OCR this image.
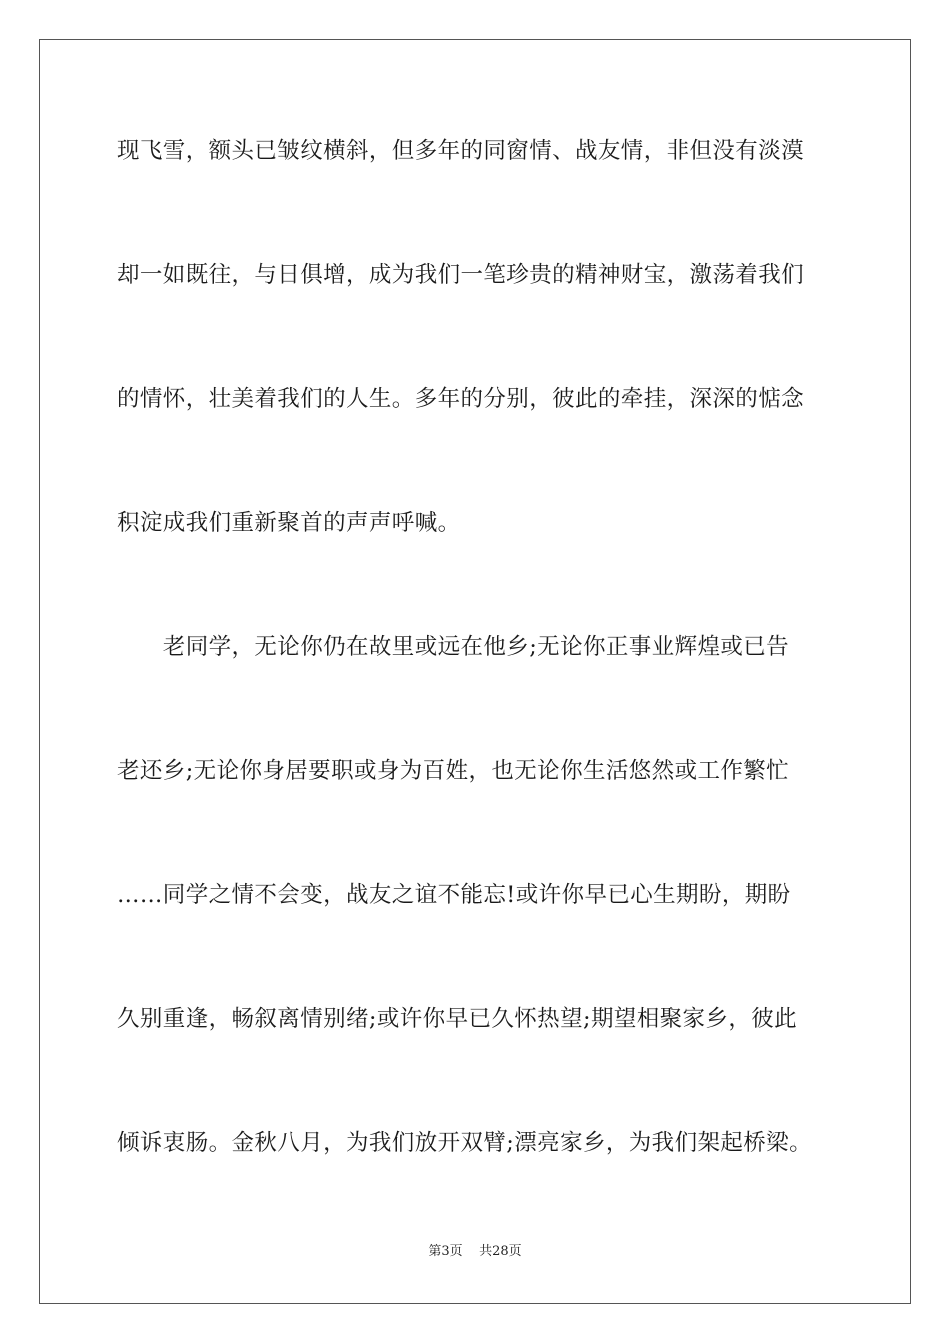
现飞雪，额头已皱纹横斜，但多年的同窗情、战友情，非但没有淡漠
却一如既往，与日俱增，成为我们一笔珍贵的精神财宝，激荡着我们
的情怀，壮美着我们的人生。多年的分别，彼此的牵挂，深深的惦念
积淀成我们重新聚首的声声呼喊。
　　老同学，无论你仍在故里或远在他乡;无论你正事业辉煌或已告
老还乡;无论你身居要职或身为百姓，也无论你生活悠然或工作繁忙
……同学之情不会变，战友之谊不能忘!或许你早已心生期盼，期盼
久别重逢，畅叙离情别绪;或许你早已久怀热望;期望相聚家乡，彼此
倾诉衷肠。金秋八月，为我们放开双臂;漂亮家乡，为我们架起桥梁。
第3页 共28页
